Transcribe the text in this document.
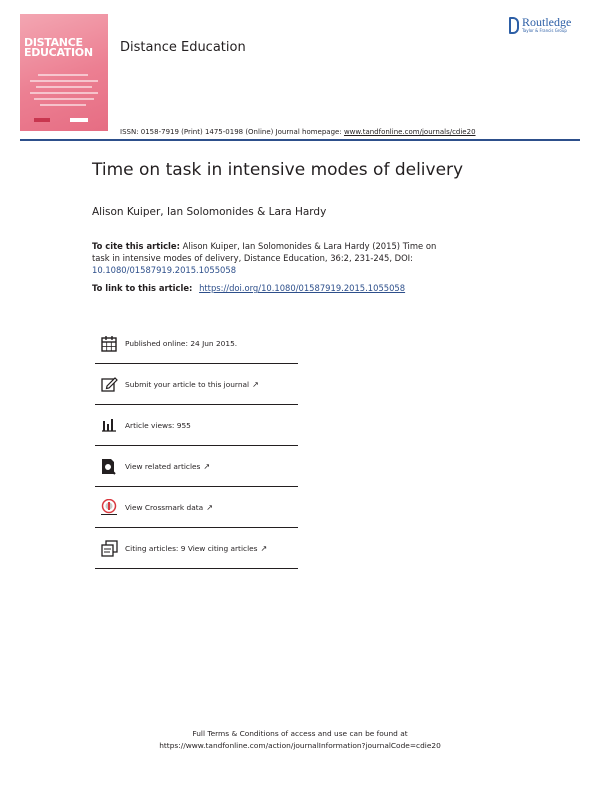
DISTANCE
EDUCATION Distance Education
Routledge
Taylor & Francis Group
ISSN: 0158-7919 (Print) 1475-0198 (Online) Journal homepage: www.tandfonline.com/journals/cdie20
Time on task in intensive modes of delivery
Alison Kuiper, Ian Solomonides & Lara Hardy
To cite this article: Alison Kuiper, Ian Solomonides & Lara Hardy (2015) Time on task in intensive modes of delivery, Distance Education, 36:2, 231-245, DOI: 10.1080/01587919.2015.1055058
To link to this article: https://doi.org/10.1080/01587919.2015.1055058
Published online: 24 Jun 2015.
Submit your article to this journal ↗
Article views: 955
View related articles ↗
View Crossmark data ↗
Citing articles: 9 View citing articles ↗
Full Terms & Conditions of access and use can be found at
https://www.tandfonline.com/action/journalInformation?journalCode=cdie20
